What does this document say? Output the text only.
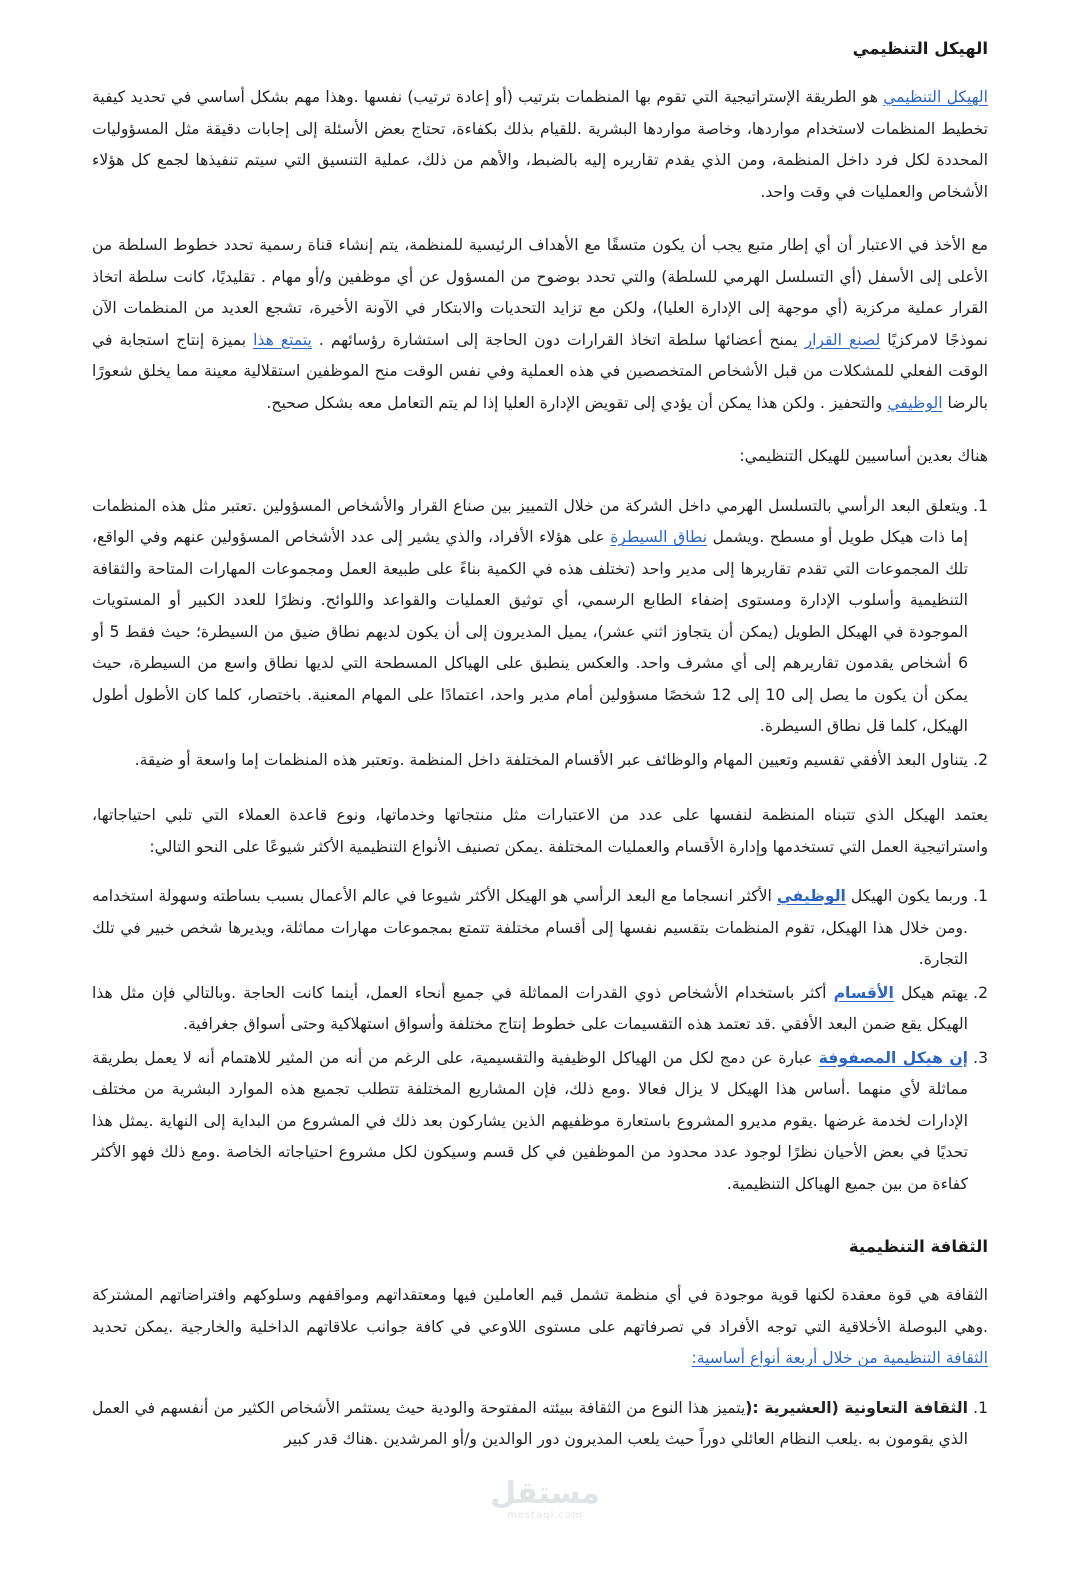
الهيكل التنظيمي

الهيكل التنظيمي هو الطريقة الإستراتيجية التي تقوم بها المنظمات بترتيب (أو إعادة ترتيب) نفسها .وهذا مهم بشكل أساسي في تحديد كيفية تخطيط المنظمات لاستخدام مواردها، وخاصة مواردها البشرية .للقيام بذلك بكفاءة، تحتاج بعض الأسئلة إلى إجابات دقيقة مثل المسؤوليات المحددة لكل فرد داخل المنظمة، ومن الذي يقدم تقاريره إليه بالضبط، والأهم من ذلك، عملية التنسيق التي سيتم تنفيذها لجمع كل هؤلاء الأشخاص والعمليات في وقت واحد.

مع الأخذ في الاعتبار أن أي إطار متبع يجب أن يكون متسقًا مع الأهداف الرئيسية للمنظمة، يتم إنشاء قناة رسمية تحدد خطوط السلطة من الأعلى إلى الأسفل (أي التسلسل الهرمي للسلطة) والتي تحدد بوضوح من المسؤول عن أي موظفين و/أو مهام . تقليديًا، كانت سلطة اتخاذ القرار عملية مركزية (أي موجهة إلى الإدارة العليا)، ولكن مع تزايد التحديات والابتكار في الآونة الأخيرة، تشجع العديد من المنظمات الآن نموذجًا لامركزيًا لصنع القرار يمنح أعضائها سلطة اتخاذ القرارات دون الحاجة إلى استشارة رؤسائهم . يتمتع هذا بميزة إنتاج استجابة في الوقت الفعلي للمشكلات من قبل الأشخاص المتخصصين في هذه العملية وفي نفس الوقت منح الموظفين استقلالية معينة مما يخلق شعورًا بالرضا الوظيفي والتحفيز . ولكن هذا يمكن أن يؤدي إلى تقويض الإدارة العليا إذا لم يتم التعامل معه بشكل صحيح.

هناك بعدين أساسيين للهيكل التنظيمي:

1.
ويتعلق البعد الرأسي بالتسلسل الهرمي داخل الشركة من خلال التمييز بين صناع القرار والأشخاص المسؤولين .تعتبر مثل هذه المنظمات إما ذات هيكل طويل أو مسطح .ويشمل نطاق السيطرة على هؤلاء الأفراد، والذي يشير إلى عدد الأشخاص المسؤولين عنهم وفي الواقع، تلك المجموعات التي تقدم تقاريرها إلى مدير واحد (تختلف هذه في الكمية بناءً على طبيعة العمل ومجموعات المهارات المتاحة والثقافة التنظيمية وأسلوب الإدارة ومستوى إضفاء الطابع الرسمي، أي توثيق العمليات والقواعد واللوائح. ونظرًا للعدد الكبير أو المستويات الموجودة في الهيكل الطويل (يمكن أن يتجاوز اثني عشر)، يميل المديرون إلى أن يكون لديهم نطاق ضيق من السيطرة؛ حيث فقط 5 أو 6 أشخاص يقدمون تقاريرهم إلى أي مشرف واحد. والعكس ينطبق على الهياكل المسطحة التي لديها نطاق واسع من السيطرة، حيث يمكن أن يكون ما يصل إلى 10 إلى 12 شخصًا مسؤولين أمام مدير واحد، اعتمادًا على المهام المعنية. باختصار، كلما كان الأطول أطول الهيكل، كلما قل نطاق السيطرة.
2.
يتناول البعد الأفقي تقسيم وتعيين المهام والوظائف عبر الأقسام المختلفة داخل المنظمة .وتعتبر هذه المنظمات إما واسعة أو ضيقة.

يعتمد الهيكل الذي تتبناه المنظمة لنفسها على عدد من الاعتبارات مثل منتجاتها وخدماتها، ونوع قاعدة العملاء التي تلبي احتياجاتها، واستراتيجية العمل التي تستخدمها وإدارة الأقسام والعمليات المختلفة .يمكن تصنيف الأنواع التنظيمية الأكثر شيوعًا على النحو التالي:

1.
وربما يكون الهيكل الوظيفي الأكثر انسجاما مع البعد الرأسي هو الهيكل الأكثر شيوعا في عالم الأعمال بسبب بساطته وسهولة استخدامه .ومن خلال هذا الهيكل، تقوم المنظمات بتقسيم نفسها إلى أقسام مختلفة تتمتع بمجموعات مهارات مماثلة، ويديرها شخص خبير في تلك التجارة.
2.
يهتم هيكل الأقسام أكثر باستخدام الأشخاص ذوي القدرات المماثلة في جميع أنحاء العمل، أينما كانت الحاجة .وبالتالي فإن مثل هذا الهيكل يقع ضمن البعد الأفقي .قد تعتمد هذه التقسيمات على خطوط إنتاج مختلفة وأسواق استهلاكية وحتى أسواق جغرافية.
3.
إن هيكل المصفوفة عبارة عن دمج لكل من الهياكل الوظيفية والتقسيمية، على الرغم من أنه من المثير للاهتمام أنه لا يعمل بطريقة مماثلة لأي منهما .أساس هذا الهيكل لا يزال فعالا .ومع ذلك، فإن المشاريع المختلفة تتطلب تجميع هذه الموارد البشرية من مختلف الإدارات لخدمة غرضها .يقوم مديرو المشروع باستعارة موظفيهم الذين يشاركون بعد ذلك في المشروع من البداية إلى النهاية .يمثل هذا تحديًا في بعض الأحيان نظرًا لوجود عدد محدود من الموظفين في كل قسم وسيكون لكل مشروع احتياجاته الخاصة .ومع ذلك فهو الأكثر كفاءة من بين جميع الهياكل التنظيمية.
الثقافة التنظيمية

الثقافة هي قوة معقدة لكنها قوية موجودة في أي منظمة تشمل قيم العاملين فيها ومعتقداتهم ومواقفهم وسلوكهم وافتراضاتهم المشتركة .وهي البوصلة الأخلاقية التي توجه الأفراد في تصرفاتهم على مستوى اللاوعي في كافة جوانب علاقاتهم الداخلية والخارجية .يمكن تحديد الثقافة التنظيمية من خلال أربعة أنواع أساسية:

1.
الثقافة التعاونية (العشيرية :(يتميز هذا النوع من الثقافة ببيئته المفتوحة والودية حيث يستثمر الأشخاص الكثير من أنفسهم في العمل الذي يقومون به .يلعب النظام العائلي دوراً حيث يلعب المديرون دور الوالدين و/أو المرشدين .هناك قدر كبير
مستقل
mostaql.com
